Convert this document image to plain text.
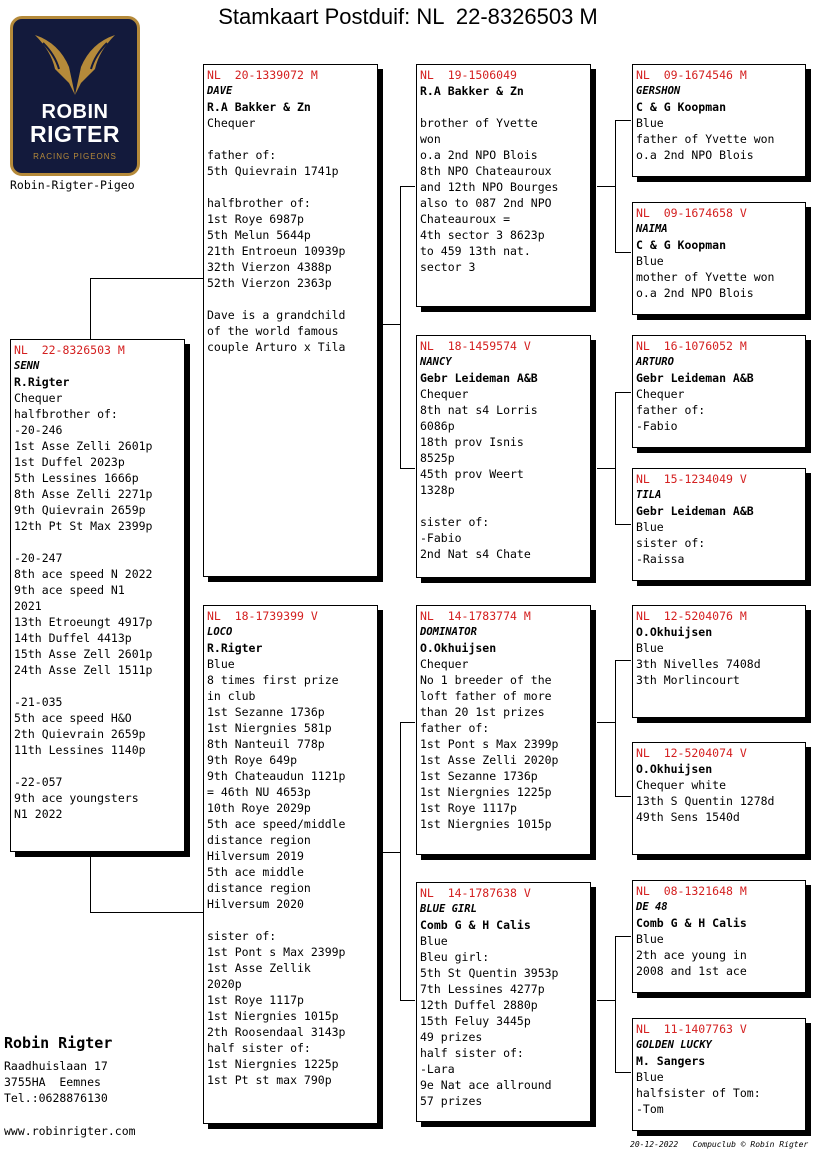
Stamkaart Postduif: NL  22-8326503 M
ROBIN
RIGTER
RACING PIGEONS
Robin-Rigter-Pigeo
NL  22-8326503 M
SENN
R.Rigter
Chequer
halfbrother of:
-20-246
1st Asse Zelli 2601p
1st Duffel 2023p
5th Lessines 1666p
8th Asse Zelli 2271p
9th Quievrain 2659p
12th Pt St Max 2399p
-20-247
8th ace speed N 2022
9th ace speed N1
2021
13th Etroeungt 4917p
14th Duffel 4413p
15th Asse Zell 2601p
24th Asse Zell 1511p
-21-035
5th ace speed H&O
2th Quievrain 2659p
11th Lessines 1140p
-22-057
9th ace youngsters
N1 2022
NL  20-1339072 M
DAVE
R.A Bakker & Zn
Chequer
father of:
5th Quievrain 1741p
halfbrother of:
1st Roye 6987p
5th Melun 5644p
21th Entroeun 10939p
32th Vierzon 4388p
52th Vierzon 2363p
Dave is a grandchild
of the world famous
couple Arturo x Tila
NL  18-1739399 V
LOCO
R.Rigter
Blue
8 times first prize
in club
1st Sezanne 1736p
1st Niergnies 581p
8th Nanteuil 778p
9th Roye 649p
9th Chateaudun 1121p
= 46th NU 4653p
10th Roye 2029p
5th ace speed/middle
distance region
Hilversum 2019
5th ace middle
distance region
Hilversum 2020
sister of:
1st Pont s Max 2399p
1st Asse Zellik
2020p
1st Roye 1117p
1st Niergnies 1015p
2th Roosendaal 3143p
half sister of:
1st Niergnies 1225p
1st Pt st max 790p
NL  19-1506049
R.A Bakker & Zn
brother of Yvette
won
o.a 2nd NPO Blois
8th NPO Chateauroux
and 12th NPO Bourges
also to 087 2nd NPO
Chateauroux =
4th sector 3 8623p
to 459 13th nat.
sector 3
NL  18-1459574 V
NANCY
Gebr Leideman A&B
Chequer
8th nat s4 Lorris
6086p
18th prov Isnis
8525p
45th prov Weert
1328p
sister of:
-Fabio
2nd Nat s4 Chate
NL  14-1783774 M
DOMINATOR
O.Okhuijsen
Chequer
No 1 breeder of the
loft father of more
than 20 1st prizes
father of:
1st Pont s Max 2399p
1st Asse Zelli 2020p
1st Sezanne 1736p
1st Niergnies 1225p
1st Roye 1117p
1st Niergnies 1015p
NL  14-1787638 V
BLUE GIRL
Comb G & H Calis
Blue
Bleu girl:
5th St Quentin 3953p
7th Lessines 4277p
12th Duffel 2880p
15th Feluy 3445p
49 prizes
half sister of:
-Lara
9e Nat ace allround
57 prizes
NL  09-1674546 M
GERSHON
C & G Koopman
Blue
father of Yvette won
o.a 2nd NPO Blois
NL  09-1674658 V
NAIMA
C & G Koopman
Blue
mother of Yvette won
o.a 2nd NPO Blois
NL  16-1076052 M
ARTURO
Gebr Leideman A&B
Chequer
father of:
-Fabio
NL  15-1234049 V
TILA
Gebr Leideman A&B
Blue
sister of:
-Raissa
NL  12-5204076 M
O.Okhuijsen
Blue
3th Nivelles 7408d
3th Morlincourt
NL  12-5204074 V
O.Okhuijsen
Chequer white
13th S Quentin 1278d
49th Sens 1540d
NL  08-1321648 M
DE 48
Comb G & H Calis
Blue
2th ace young in
2008 and 1st ace
NL  11-1407763 V
GOLDEN LUCKY
M. Sangers
Blue
halfsister of Tom:
-Tom
Robin Rigter
Raadhuislaan 17
3755HA  Eemnes
Tel.:0628876130
www.robinrigter.com
20-12-2022   Compuclub © Robin Rigter
